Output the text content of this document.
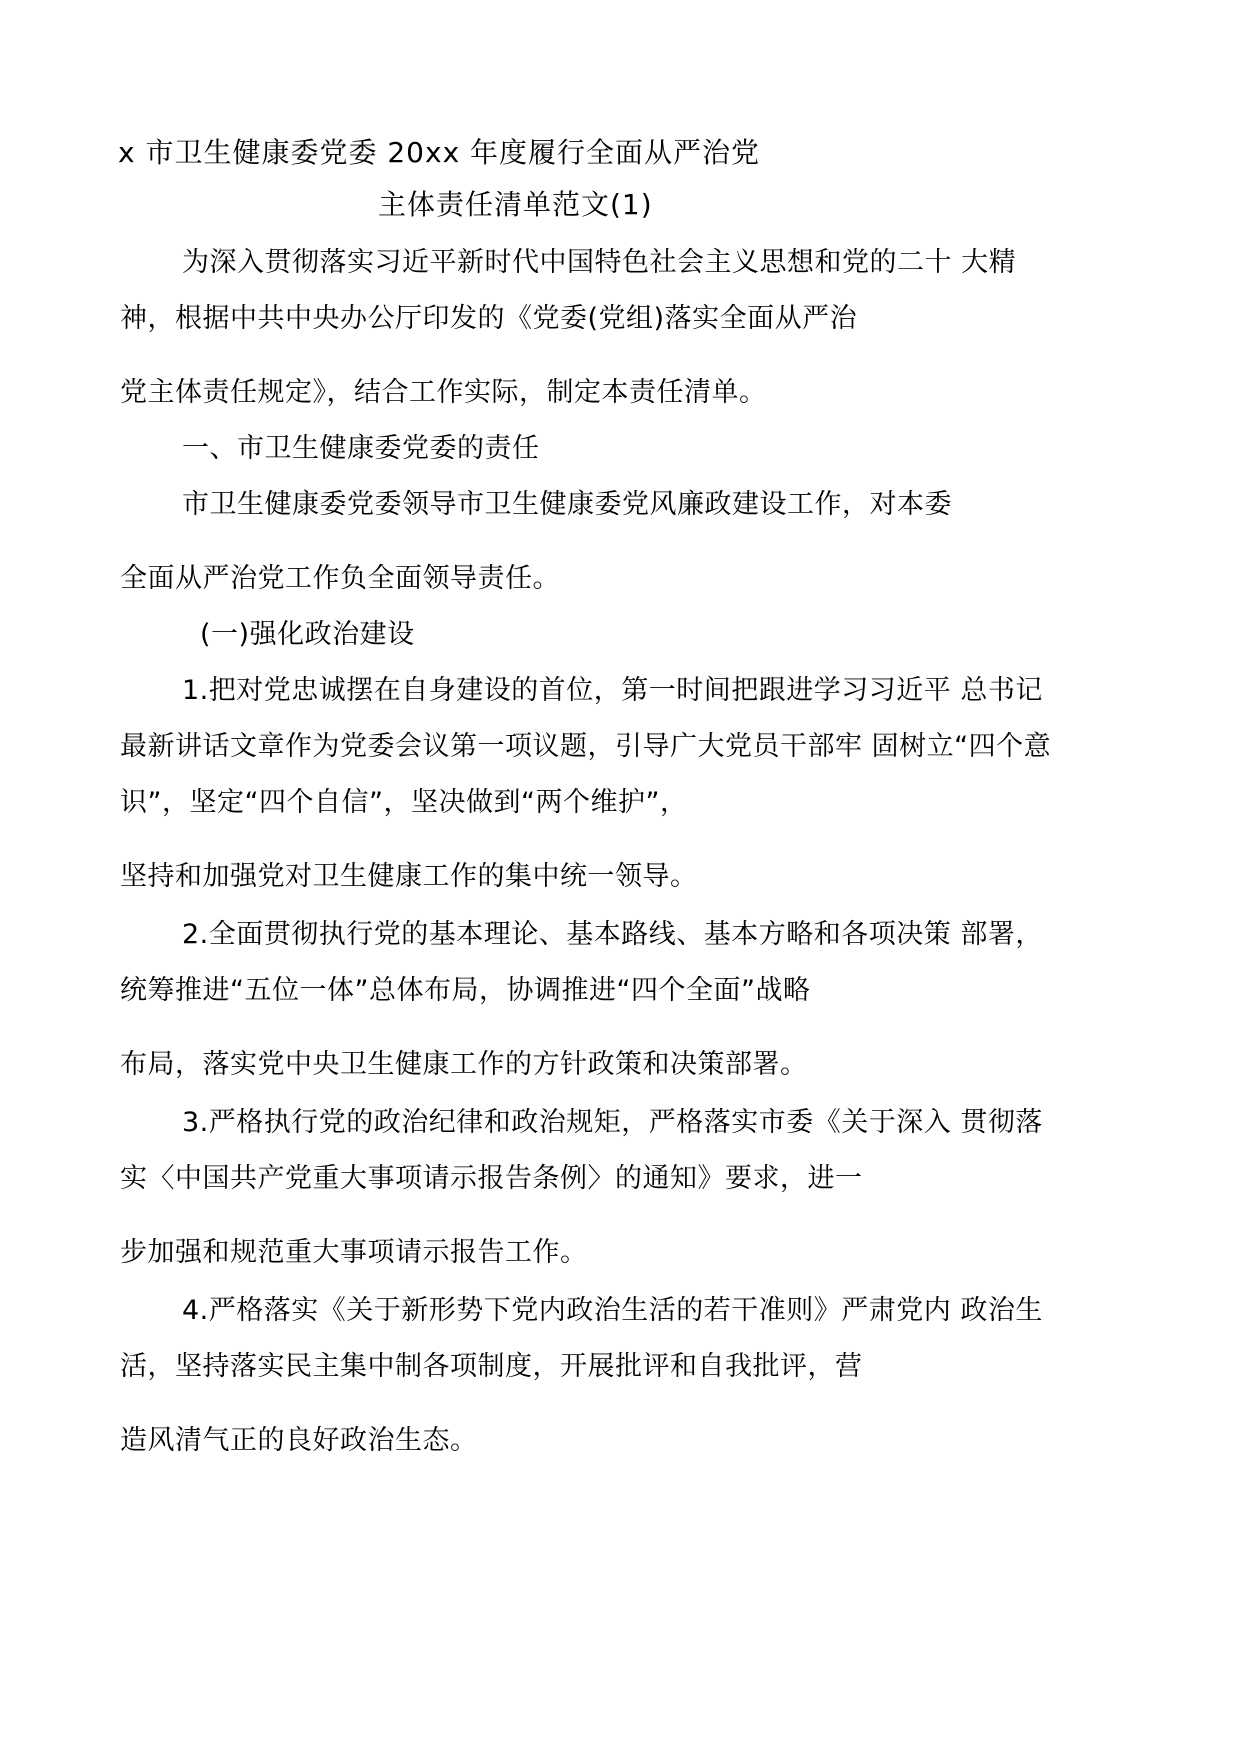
x 市卫生健康委党委 20xx 年度履行全面从严治党
主体责任清单范文(1)
为深入贯彻落实习近平新时代中国特色社会主义思想和党的二十 大精
神，根据中共中央办公厅印发的《党委(党组)落实全面从严治
党主体责任规定》，结合工作实际，制定本责任清单。
一、市卫生健康委党委的责任
市卫生健康委党委领导市卫生健康委党风廉政建设工作，对本委
全面从严治党工作负全面领导责任。
(一)强化政治建设
1.把对党忠诚摆在自身建设的首位，第一时间把跟进学习习近平 总书记
最新讲话文章作为党委会议第一项议题，引导广大党员干部牢 固树立“四个意
识”，坚定“四个自信”，坚决做到“两个维护”，
坚持和加强党对卫生健康工作的集中统一领导。
2.全面贯彻执行党的基本理论、基本路线、基本方略和各项决策 部署，
统筹推进“五位一体”总体布局，协调推进“四个全面”战略
布局，落实党中央卫生健康工作的方针政策和决策部署。
3.严格执行党的政治纪律和政治规矩，严格落实市委《关于深入 贯彻落
实〈中国共产党重大事项请示报告条例〉的通知》要求，进一
步加强和规范重大事项请示报告工作。
4.严格落实《关于新形势下党内政治生活的若干准则》严肃党内 政治生
活，坚持落实民主集中制各项制度，开展批评和自我批评，营
造风清气正的良好政治生态。
